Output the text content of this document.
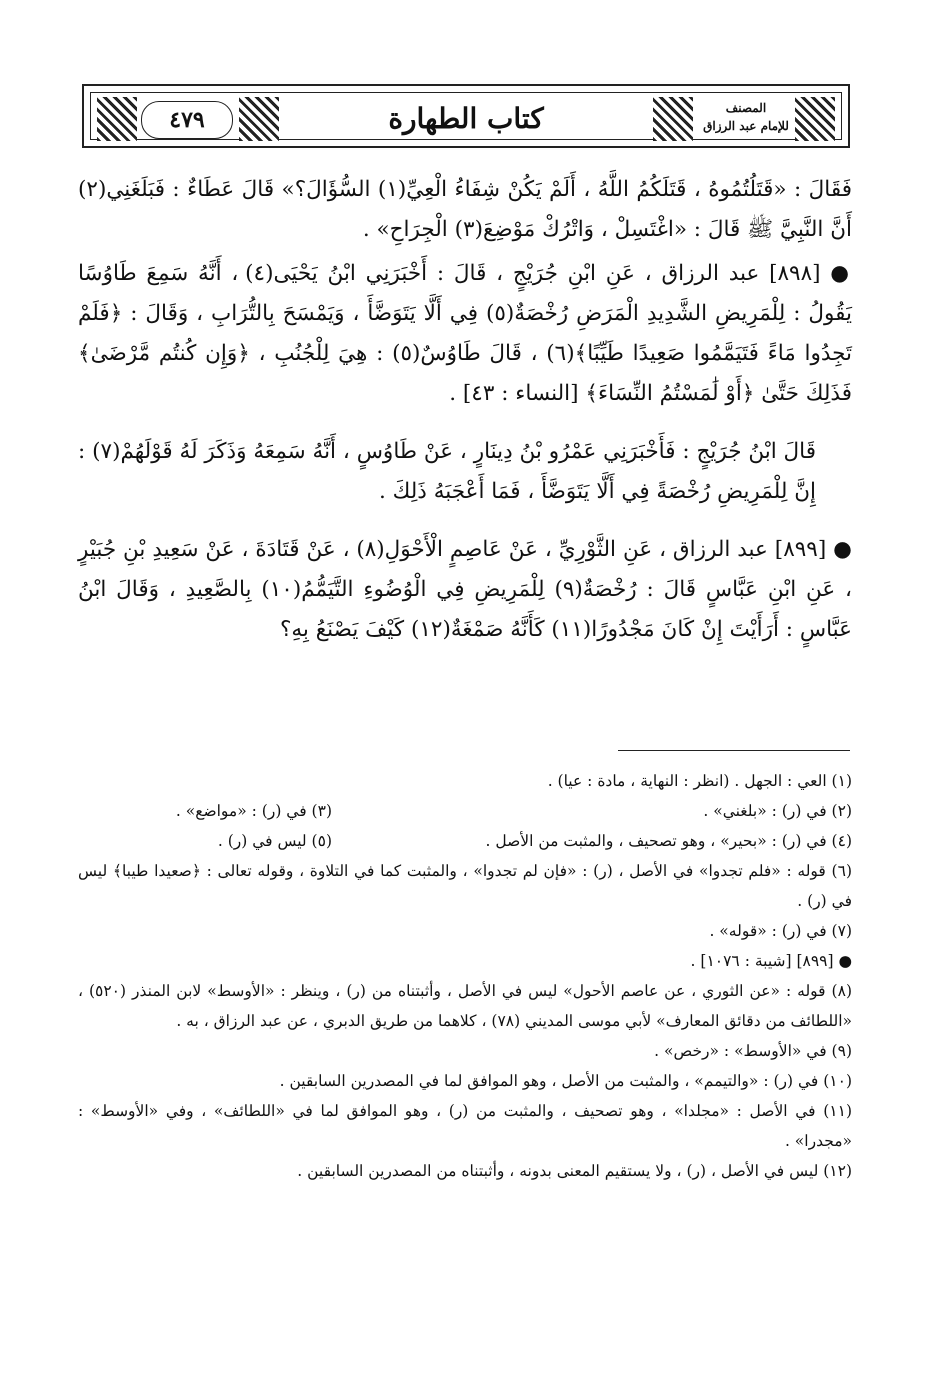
٤٧٩	كتاب الطهارة	المصنف
للإمام عبد الرزاق

فَقَالَ : «قَتَلُتُمُوهُ ، قَتَلَكُمُ اللَّهُ ، أَلَمْ يَكُنْ شِفَاءُ الْعِيِّ(١) السُّؤَالَ؟» قَالَ عَطَاءٌ : فَبَلَغَنِي(٢) أَنَّ النَّبِيَّ ﷺ قَالَ : «اغْتَسِلْ ، وَاتْرُكْ مَوْضِعَ(٣) الْجِرَاحِ» .

● [٨٩٨] عبد الرزاق ، عَنِ ابْنِ جُرَيْجٍ ، قَالَ : أَخْبَرَنِي ابْنُ يَحْيَى(٤) ، أَنَّهُ سَمِعَ طَاوُسًا يَقُولُ : لِلْمَرِيضِ الشَّدِيدِ الْمَرَضِ رُخْصَةٌ(٥) فِي أَلَّا يَتَوَضَّأَ ، وَيَمْسَحَ بِالتُّرَابِ ، وَقَالَ : ﴿فَلَمْ تَجِدُوا مَاءً فَتَيَمَّمُوا صَعِيدًا طَيِّبًا﴾(٦) ، قَالَ طَاوُسٌ(٥) : هِيَ لِلْجُنُبِ ، ﴿وَإِن كُنتُم مَّرْضَىٰ﴾ فَذَلِكَ حَتَّىٰ ﴿أَوْ لَٰمَسْتُمُ النِّسَاءَ﴾ [النساء : ٤٣] .

قَالَ ابْنُ جُرَيْجٍ : فَأَخْبَرَنِي عَمْرُو بْنُ دِينَارٍ ، عَنْ طَاوُسٍ ، أَنَّهُ سَمِعَهُ وَذَكَرَ لَهُ قَوْلَهُمْ(٧) : إِنَّ لِلْمَرِيضِ رُخْصَةً فِي أَلَّا يَتَوَضَّأَ ، فَمَا أَعْجَبَهُ ذَلِكَ .

● [٨٩٩] عبد الرزاق ، عَنِ الثَّوْرِيِّ ، عَنْ عَاصِمٍ الْأَحْوَلِ(٨) ، عَنْ قَتَادَةَ ، عَنْ سَعِيدِ بْنِ جُبَيْرٍ ، عَنِ ابْنِ عَبَّاسٍ قَالَ : رُخْصَةٌ(٩) لِلْمَرِيضِ فِي الْوُضُوءِ التَّيَمُّمُ(١٠) بِالصَّعِيدِ ، وَقَالَ ابْنُ عَبَّاسٍ : أَرَأَيْتَ إِنْ كَانَ مَجْدُورًا(١١) كَأَنَّهُ صَمْغَةٌ(١٢) كَيْفَ يَصْنَعُ بِهِ؟

(١) العي : الجهل . (انظر : النهاية ، مادة : عيا) .

(٢) في (ر) : «بلغني» .
(٣) في (ر) : «مواضع» .

(٤) في (ر) : «بحير» ، وهو تصحيف ، والمثبت من الأصل .
(٥) ليس في (ر) .

(٦) قوله : «فلم تجدوا» في الأصل ، (ر) : «فإن لم تجدوا» ، والمثبت كما في التلاوة ، وقوله تعالى : ﴿صعيدا طيبا﴾ ليس في (ر) .

(٧) في (ر) : «قوله» .

● [٨٩٩] [شيبة : ١٠٧٦] .

(٨) قوله : «عن الثوري ، عن عاصم الأحول» ليس في الأصل ، وأثبتناه من (ر) ، وينظر : «الأوسط» لابن المنذر (٥٢٠) ، «اللطائف من دقائق المعارف» لأبي موسى المديني (٧٨) ، كلاهما من طريق الدبري ، عن عبد الرزاق ، به .

(٩) في «الأوسط» : «رخص» .

(١٠) في (ر) : «والتيمم» ، والمثبت من الأصل ، وهو الموافق لما في المصدرين السابقين .

(١١) في الأصل : «مجلدا» ، وهو تصحيف ، والمثبت من (ر) ، وهو الموافق لما في «اللطائف» ، وفي «الأوسط» : «مجدرا» .

(١٢) ليس في الأصل ، (ر) ، ولا يستقيم المعنى بدونه ، وأثبتناه من المصدرين السابقين .
